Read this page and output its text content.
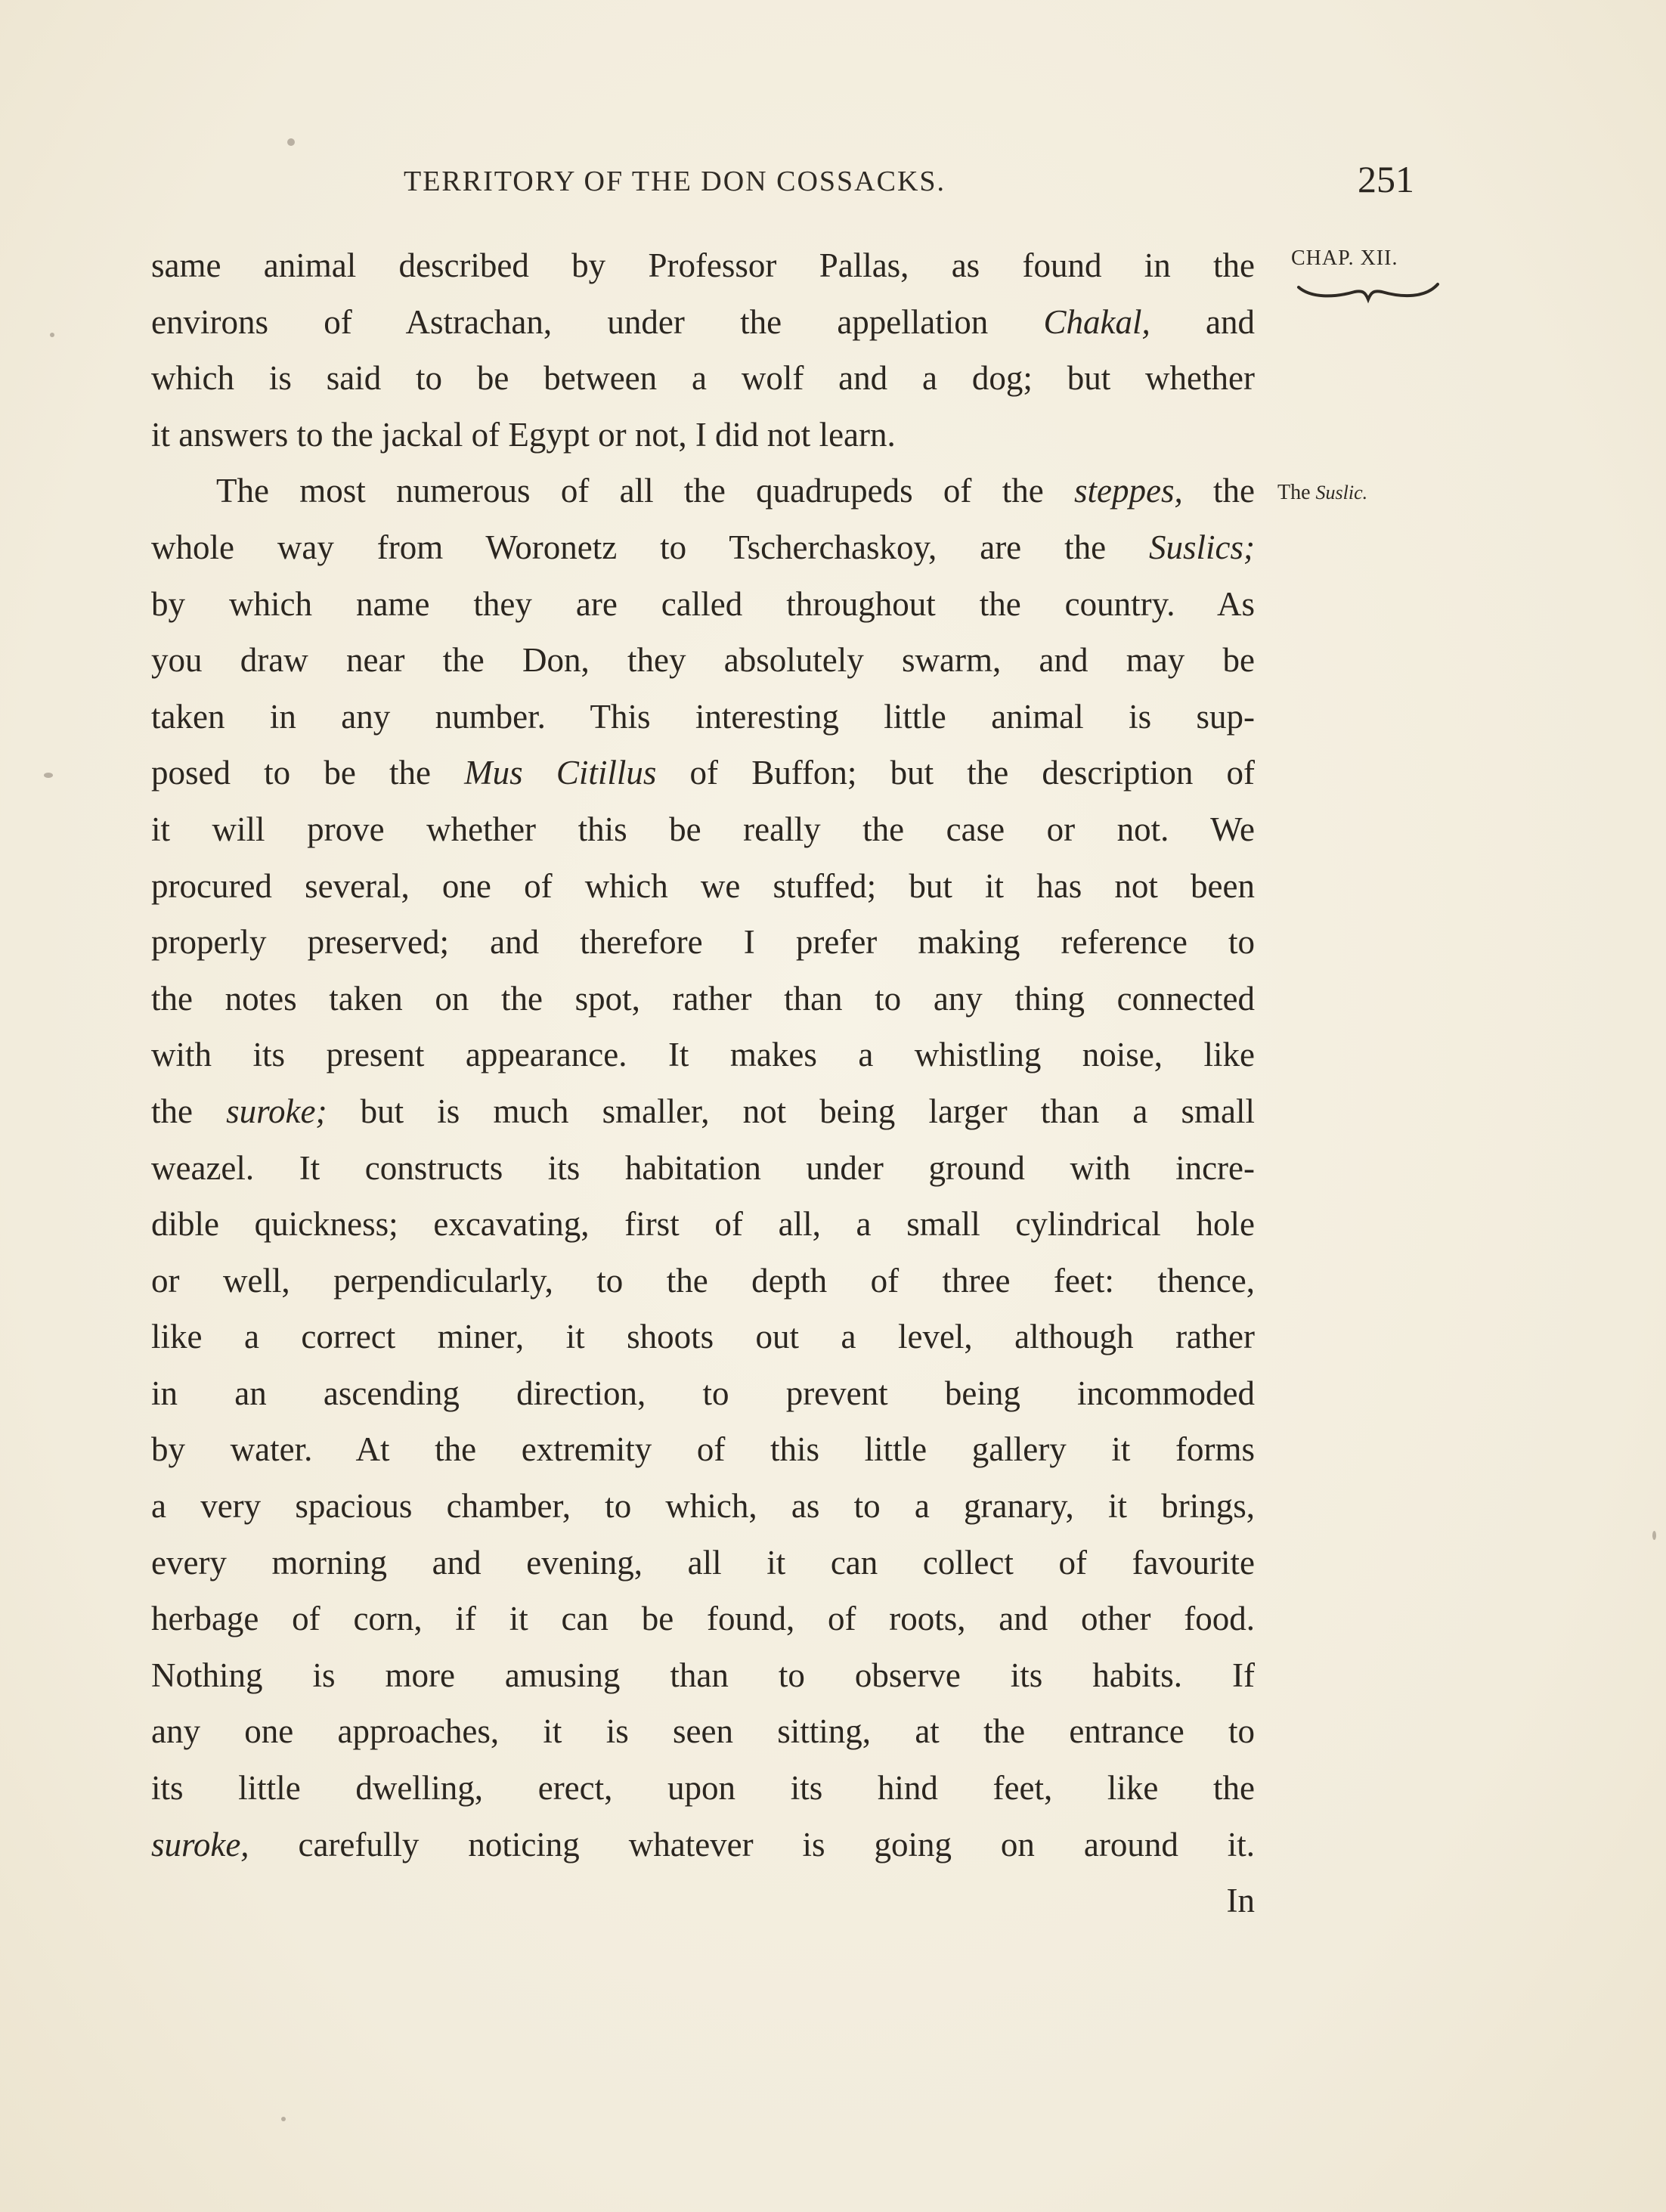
TERRITORY OF THE DON COSSACKS.	251
CHAP. XII.
The Suslic.
same animal described by Professor Pallas, as found in the
environs of Astrachan, under the appellation Chakal, and
which is said to be between a wolf and a dog; but whether
it answers to the jackal of Egypt or not, I did not learn.
The most numerous of all the quadrupeds of the steppes, the
whole way from Woronetz to Tscherchaskoy, are the Suslics;
by which name they are called throughout the country. As
you draw near the Don, they absolutely swarm, and may be
taken in any number. This interesting little animal is sup-
posed to be the Mus Citillus of Buffon; but the description of
it will prove whether this be really the case or not. We
procured several, one of which we stuffed; but it has not been
properly preserved; and therefore I prefer making reference to
the notes taken on the spot, rather than to any thing connected
with its present appearance. It makes a whistling noise, like
the suroke; but is much smaller, not being larger than a small
weazel. It constructs its habitation under ground with incre-
dible quickness; excavating, first of all, a small cylindrical hole
or well, perpendicularly, to the depth of three feet: thence,
like a correct miner, it shoots out a level, although rather
in an ascending direction, to prevent being incommoded
by water. At the extremity of this little gallery it forms
a very spacious chamber, to which, as to a granary, it brings,
every morning and evening, all it can collect of favourite
herbage of corn, if it can be found, of roots, and other food.
Nothing is more amusing than to observe its habits. If
any one approaches, it is seen sitting, at the entrance to
its little dwelling, erect, upon its hind feet, like the
suroke, carefully noticing whatever is going on around it.
In
